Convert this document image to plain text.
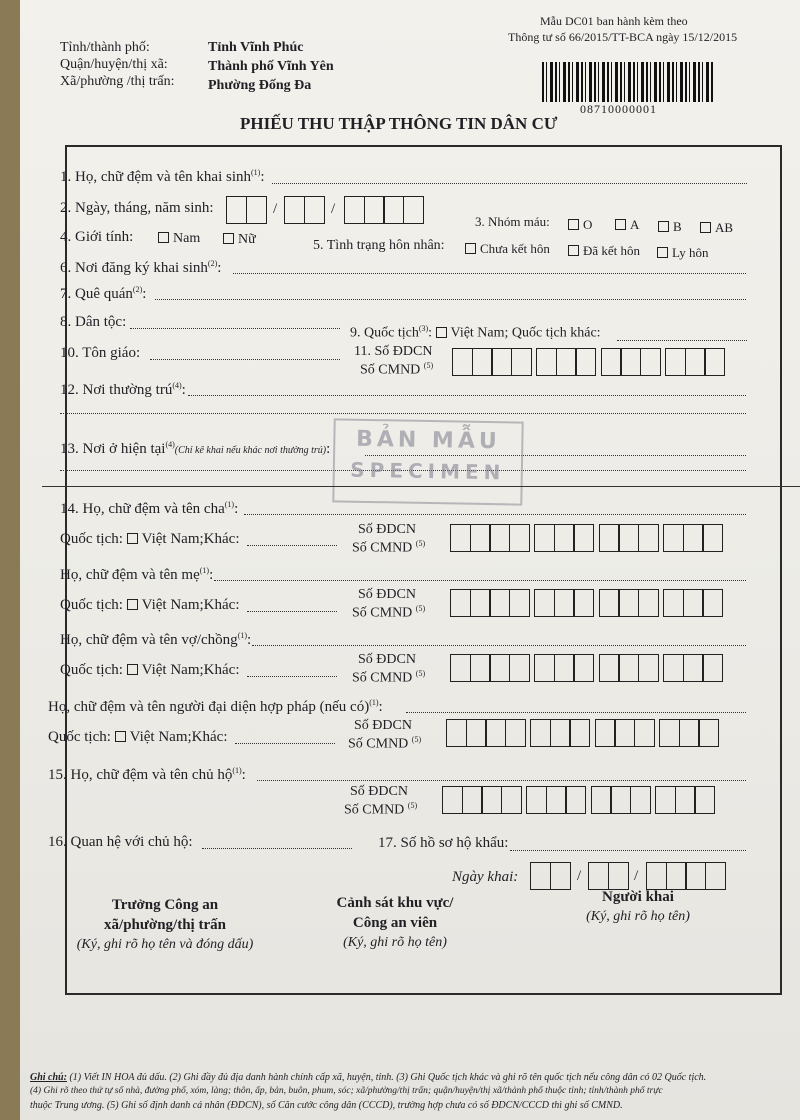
Mẫu DC01 ban hành kèm theo
Thông tư số 66/2015/TT-BCA ngày 15/12/2015
08710000001
Tỉnh/thành phố:	Tỉnh Vĩnh Phúc
Quận/huyện/thị xã:	Thành phố Vĩnh Yên
Xã/phường /thị trấn: Phường Đống Đa
PHIẾU THU THẬP THÔNG TIN DÂN CƯ
1. Họ, chữ đệm và tên khai $\sinh^{(1)}$:
2. Ngày, tháng, năm sinh:	/	/
3. Nhóm máu:	O	A	B	AB
4. Giới tính:	Nam	Nữ	5. Tình trạng hôn nhân:	Chưa kết hôn	Đã kết hôn	Ly hôn
6. Nơi đăng ký khai $\sinh^{(2)}$:
7. Quê quán$^{(2)}$:
8. Dân tộc:
9. Quốc tịch$^{(3)}$: Việt Nam; Quốc tịch khác:
10. Tôn giáo:	11. Số ĐDCN
Số CMND $^{(5)}$
12. Nơi thường trú$^{(4)}$:
13. Nơi ở hiện tại$^{(4)}$(Chỉ kê khai nếu khác nơi thường trú):	BẢN MẪU
SPECIMEN
14. Họ, chữ đệm và tên cha$^{(1)}$:
Quốc tịch: Việt Nam;Khác:
Số ĐDCN
Số CMND $^{(5)}$
Họ, chữ đệm và tên mẹ$^{(1)}$:
Quốc tịch: Việt Nam;Khác:
Số ĐDCN
Số CMND $^{(5)}$
Họ, chữ đệm và tên vợ/chồng$^{(1)}$:
Quốc tịch: Việt Nam;Khác:
Số ĐDCN
Số CMND $^{(5)}$
Họ, chữ đệm và tên người đại diện hợp pháp (nếu có)$^{(1)}$:
Quốc tịch: Việt Nam;Khác:
Số ĐDCN
Số CMND $^{(5)}$
15. Họ, chữ đệm và tên chủ hộ$^{(1)}$:
Số ĐDCN
Số CMND $^{(5)}$
16. Quan hệ với chủ hộ:	17. Số hồ sơ hộ khẩu:
Ngày khai:	/	/
Trưởng Công an
xã/phường/thị trấn
(Ký, ghi rõ họ tên và đóng dấu)
Cảnh sát khu vực/
Công an viên
(Ký, ghi rõ họ tên)
Người khai
(Ký, ghi rõ họ tên)
Ghi chú: (1) Viết IN HOA đủ dấu. (2) Ghi đầy đủ địa danh hành chính cấp xã, huyện, tỉnh. (3) Ghi Quốc tịch khác và ghi rõ tên quốc tịch nếu công dân có 02 Quốc tịch.
(4) Ghi rõ theo thứ tự số nhà, đường phố, xóm, làng; thôn, ấp, bản, buôn, phum, sóc; xã/phường/thị trấn; quận/huyện/thị xã/thành phố thuộc tỉnh; tỉnh/thành phố trực
thuộc Trung ương. (5) Ghi số định danh cá nhân (ĐDCN), số Căn cước công dân (CCCD), trường hợp chưa có số ĐDCN/CCCD thì ghi số CMND.
